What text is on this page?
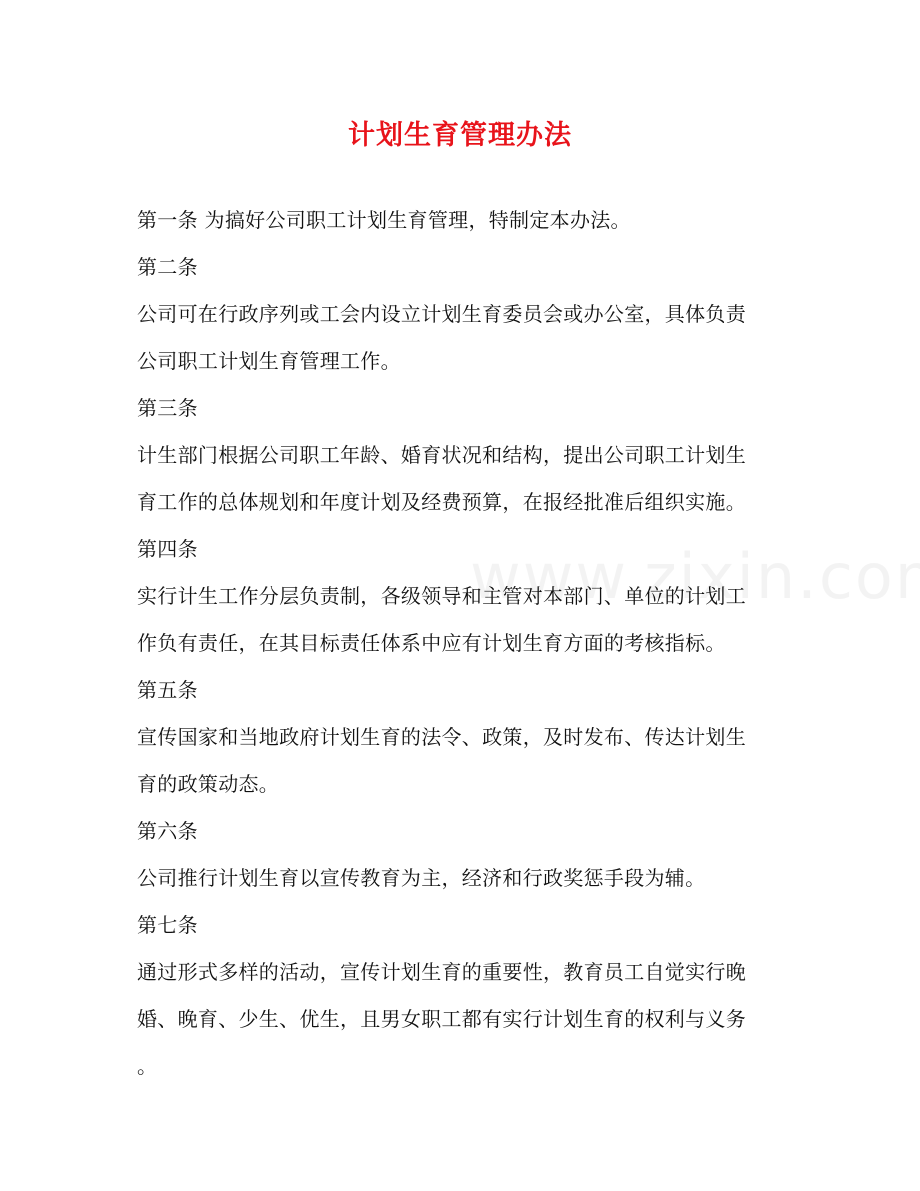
计划生育管理办法
第一条 为搞好公司职工计划生育管理，特制定本办法。
第二条
公司可在行政序列或工会内设立计划生育委员会或办公室，具体负责
公司职工计划生育管理工作。
第三条
计生部门根据公司职工年龄、婚育状况和结构，提出公司职工计划生
育工作的总体规划和年度计划及经费预算，在报经批准后组织实施。
第四条
实行计生工作分层负责制，各级领导和主管对本部门、单位的计划工
作负有责任，在其目标责任体系中应有计划生育方面的考核指标。
第五条
宣传国家和当地政府计划生育的法令、政策，及时发布、传达计划生
育的政策动态。
第六条
公司推行计划生育以宣传教育为主，经济和行政奖惩手段为辅。
第七条
通过形式多样的活动，宣传计划生育的重要性，教育员工自觉实行晚
婚、晚育、少生、优生，且男女职工都有实行计划生育的权利与义务
。
